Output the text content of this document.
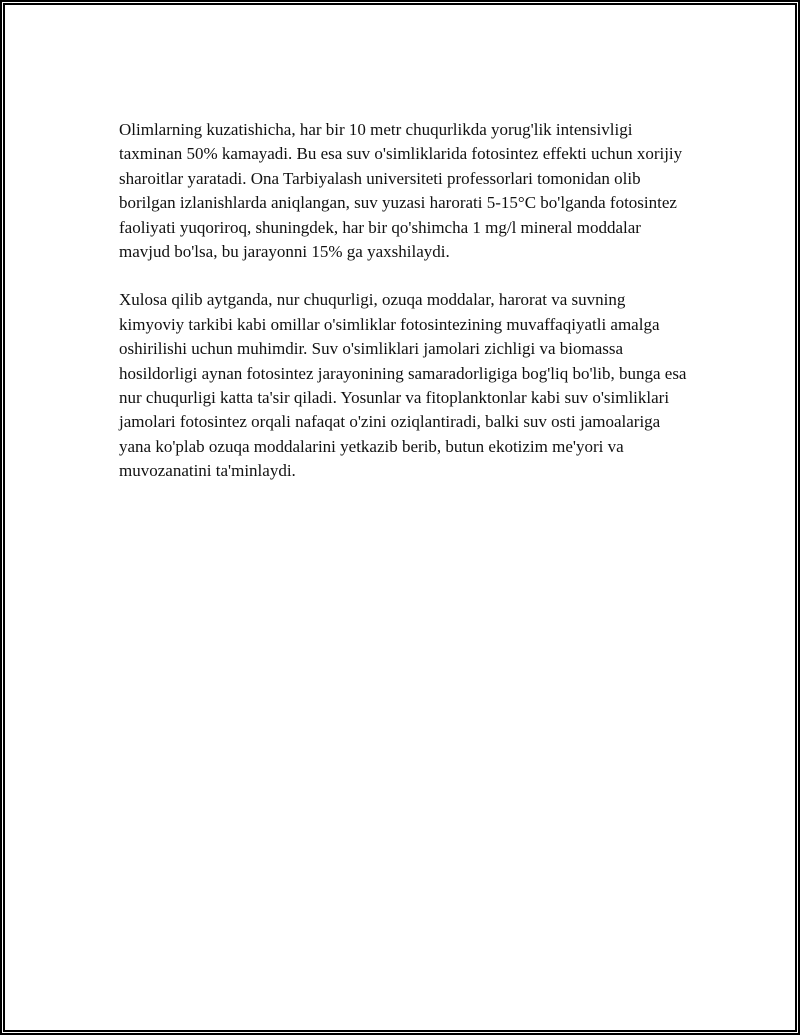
Olimlarning kuzatishicha, har bir 10 metr chuqurlikda yorug'lik intensivligi taxminan 50% kamayadi. Bu esa suv o'simliklarida fotosintez effekti uchun xorijiy sharoitlar yaratadi. Ona Tarbiyalash universiteti professorlari tomonidan olib borilgan izlanishlarda aniqlangan, suv yuzasi harorati 5-15°C bo'lganda fotosintez faoliyati yuqoriroq, shuningdek, har bir qo'shimcha 1 mg/l mineral moddalar mavjud bo'lsa, bu jarayonni 15% ga yaxshilaydi.

Xulosa qilib aytganda, nur chuqurligi, ozuqa moddalar, harorat va suvning kimyoviy tarkibi kabi omillar o'simliklar fotosintezining muvaffaqiyatli amalga oshirilishi uchun muhimdir. Suv o'simliklari jamolari zichligi va biomassa hosildorligi aynan fotosintez jarayonining samaradorligiga bog'liq bo'lib, bunga esa nur chuqurligi katta ta'sir qiladi. Yosunlar va fitoplanktonlar kabi suv o'simliklari jamolari fotosintez orqali nafaqat o'zini oziqlantiradi, balki suv osti jamoalariga yana ko'plab ozuqa moddalarini yetkazib berib, butun ekotizim me'yori va muvozanatini ta'minlaydi.
